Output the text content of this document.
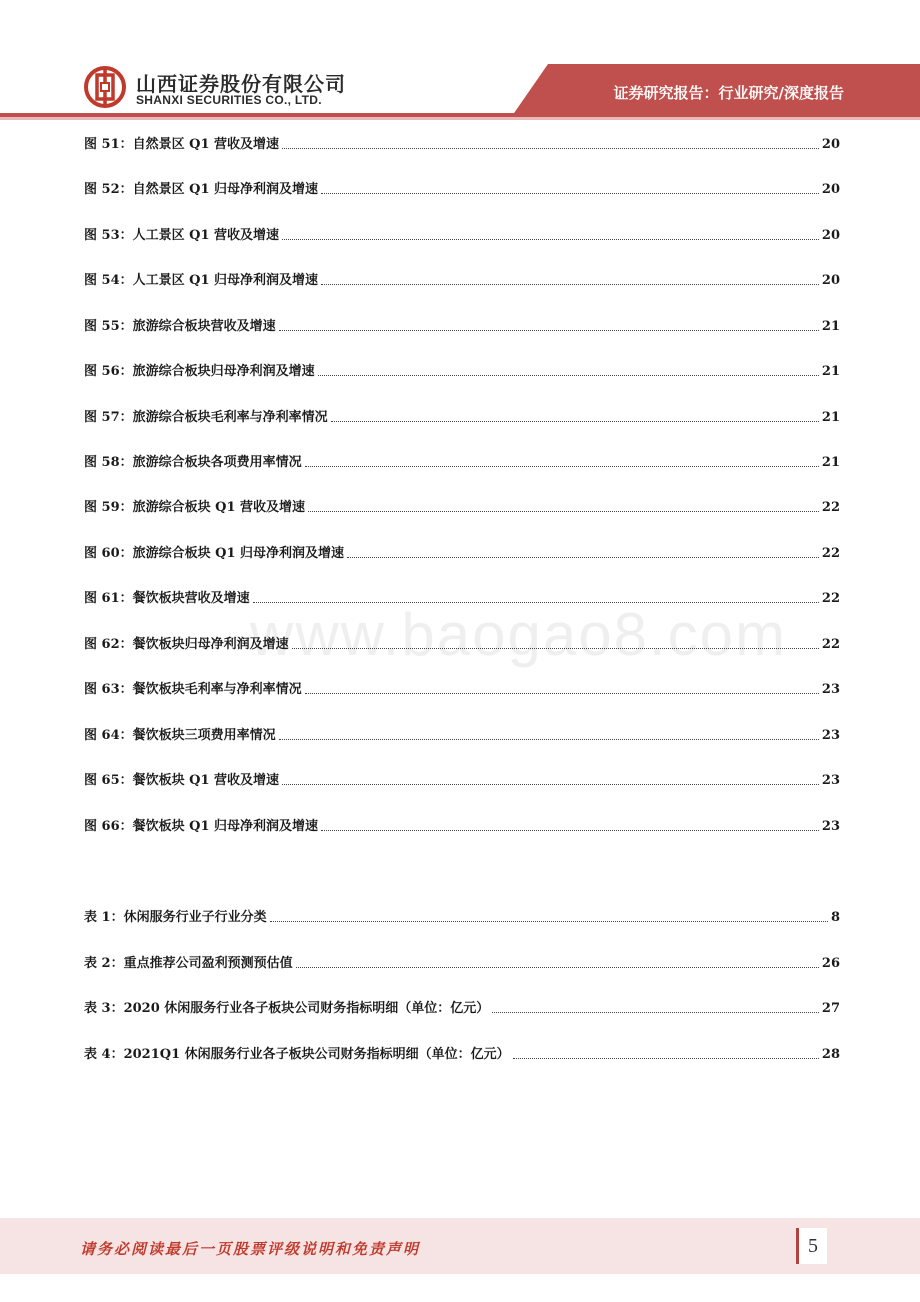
山西证券股份有限公司
SHANXI SECURITIES CO., LTD.	证券研究报告：行业研究/深度报告
www.baogao8.com
图 51：自然景区 Q1 营收及增速	20
图 52：自然景区 Q1 归母净利润及增速	20
图 53：人工景区 Q1 营收及增速	20
图 54：人工景区 Q1 归母净利润及增速	20
图 55：旅游综合板块营收及增速	21
图 56：旅游综合板块归母净利润及增速	21
图 57：旅游综合板块毛利率与净利率情况	21
图 58：旅游综合板块各项费用率情况	21
图 59：旅游综合板块 Q1 营收及增速	22
图 60：旅游综合板块 Q1 归母净利润及增速	22
图 61：餐饮板块营收及增速	22
图 62：餐饮板块归母净利润及增速	22
图 63：餐饮板块毛利率与净利率情况	23
图 64：餐饮板块三项费用率情况	23
图 65：餐饮板块 Q1 营收及增速	23
图 66：餐饮板块 Q1 归母净利润及增速	23
表 1：休闲服务行业子行业分类	8
表 2：重点推荐公司盈利预测预估值	26
表 3：2020 休闲服务行业各子板块公司财务指标明细（单位：亿元）	27
表 4：2021Q1 休闲服务行业各子板块公司财务指标明细（单位：亿元）	28
请务必阅读最后一页股票评级说明和免责声明	5
